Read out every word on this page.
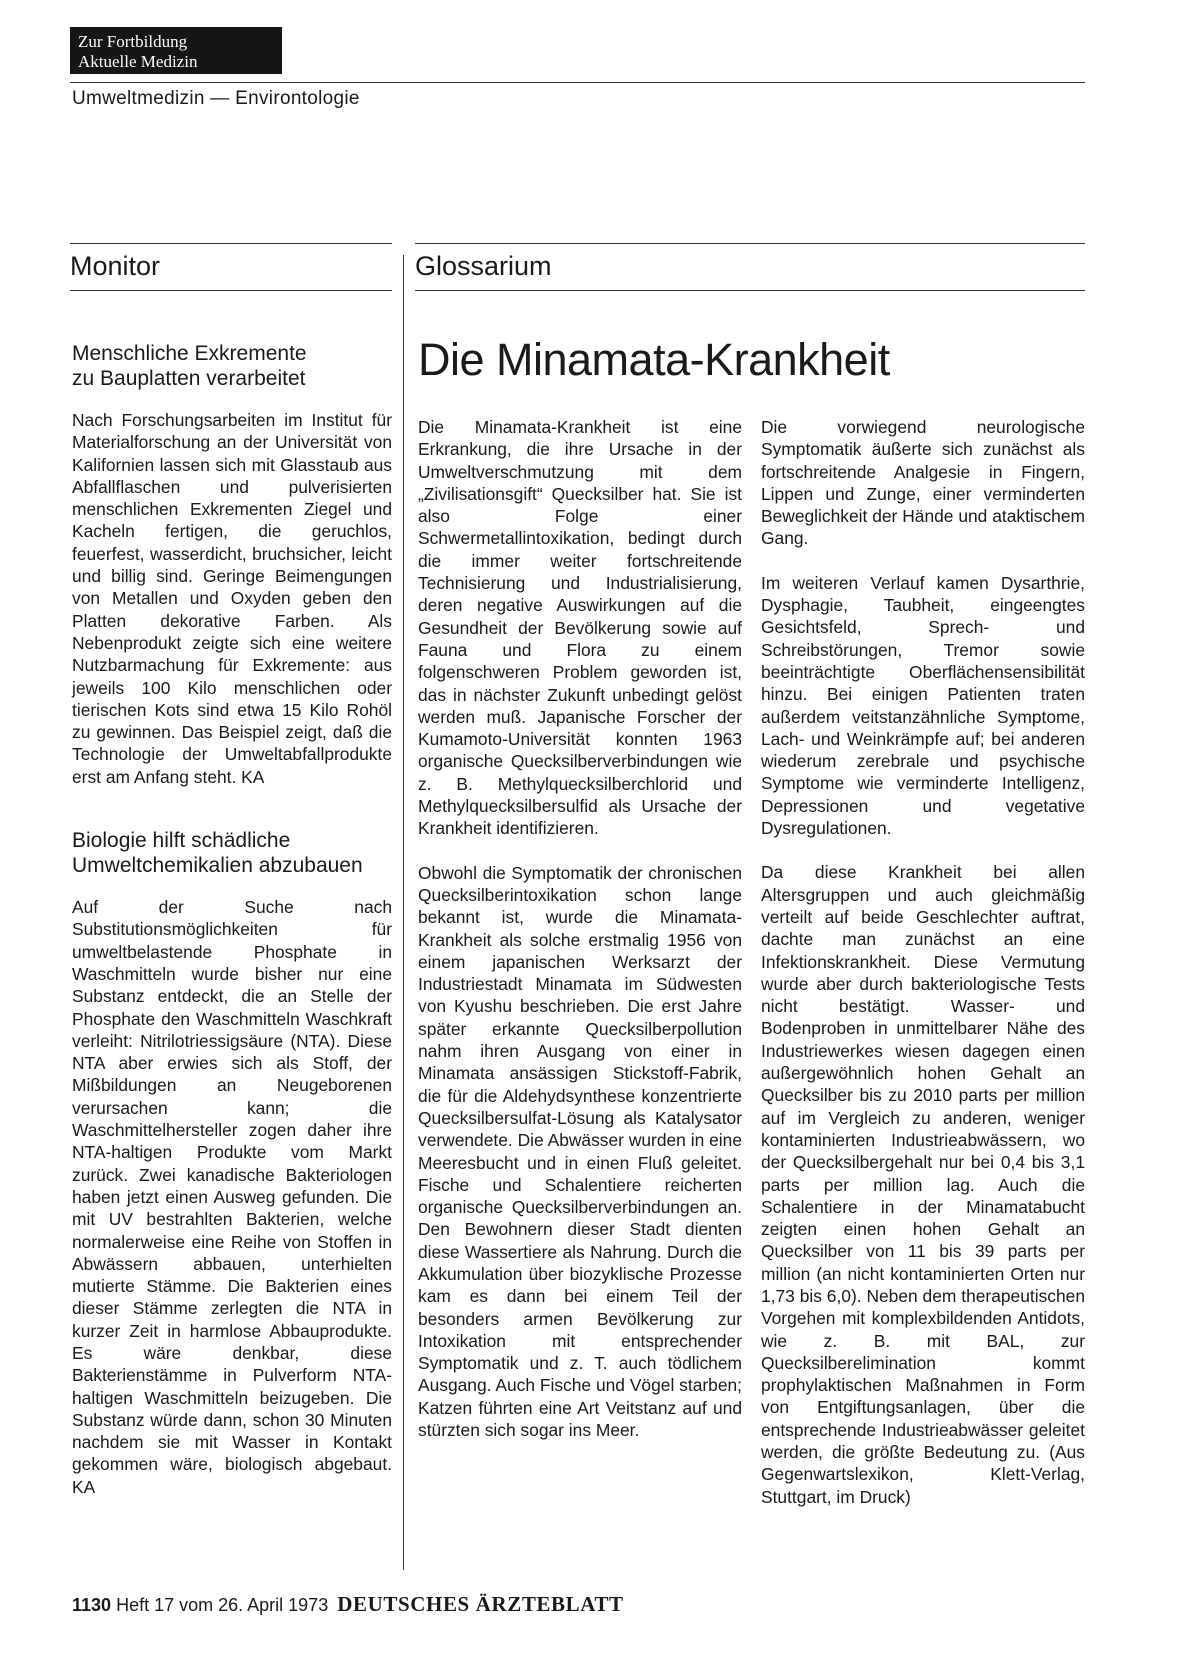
Zur Fortbildung
Aktuelle Medizin
Umweltmedizin — Environtologie
Monitor	Glossarium
Menschliche Exkremente
zu Bauplatten verarbeitet

Nach Forschungsarbeiten im Institut für Materialforschung an der Universität von Kalifornien lassen sich mit Glasstaub aus Abfallflaschen und pulverisierten menschlichen Exkrementen Ziegel und Kacheln fertigen, die geruchlos, feuerfest, wasserdicht, bruchsicher, leicht und billig sind. Geringe Beimengungen von Metallen und Oxyden geben den Platten dekorative Farben. Als Nebenprodukt zeigte sich eine weitere Nutzbarmachung für Exkremente: aus jeweils 100 Kilo menschlichen oder tierischen Kots sind etwa 15 Kilo Rohöl zu gewinnen. Das Beispiel zeigt, daß die Technologie der Umweltabfallprodukte erst am Anfang steht. KA

Biologie hilft schädliche
Umweltchemikalien abzubauen

Auf der Suche nach Substitutionsmöglichkeiten für umweltbelastende Phosphate in Waschmitteln wurde bisher nur eine Substanz entdeckt, die an Stelle der Phosphate den Waschmitteln Waschkraft verleiht: Nitrilotriessigsäure (NTA). Diese NTA aber erwies sich als Stoff, der Mißbildungen an Neugeborenen verursachen kann; die Waschmittelhersteller zogen daher ihre NTA-haltigen Produkte vom Markt zurück. Zwei kanadische Bakteriologen haben jetzt einen Ausweg gefunden. Die mit UV bestrahlten Bakterien, welche normalerweise eine Reihe von Stoffen in Abwässern abbauen, unterhielten mutierte Stämme. Die Bakterien eines dieser Stämme zerlegten die NTA in kurzer Zeit in harmlose Abbauprodukte. Es wäre denkbar, diese Bakterienstämme in Pulverform NTA-haltigen Waschmitteln beizugeben. Die Substanz würde dann, schon 30 Minuten nachdem sie mit Wasser in Kontakt gekommen wäre, biologisch abgebaut. KA

Die Minamata-Krankheit

Die Minamata-Krankheit ist eine Erkrankung, die ihre Ursache in der Umweltverschmutzung mit dem „Zivilisationsgift“ Quecksilber hat. Sie ist also Folge einer Schwermetallintoxikation, bedingt durch die immer weiter fortschreitende Technisierung und Industrialisierung, deren negative Auswirkungen auf die Gesundheit der Bevölkerung sowie auf Fauna und Flora zu einem folgenschweren Problem geworden ist, das in nächster Zukunft unbedingt gelöst werden muß. Japanische Forscher der Kumamoto-Universität konnten 1963 organische Quecksilberverbindungen wie z. B. Methylquecksilberchlorid und Methylquecksilbersulfid als Ursache der Krankheit identifizieren.

Obwohl die Symptomatik der chronischen Quecksilberintoxikation schon lange bekannt ist, wurde die Minamata-Krankheit als solche erstmalig 1956 von einem japanischen Werksarzt der Industriestadt Minamata im Südwesten von Kyushu beschrieben. Die erst Jahre später erkannte Quecksilberpollution nahm ihren Ausgang von einer in Minamata ansässigen Stickstoff-Fabrik, die für die Aldehydsynthese konzentrierte Quecksilbersulfat-Lösung als Katalysator verwendete. Die Abwässer wurden in eine Meeresbucht und in einen Fluß geleitet. Fische und Schalentiere reicherten organische Quecksilberverbindungen an. Den Bewohnern dieser Stadt dienten diese Wassertiere als Nahrung. Durch die Akkumulation über biozyklische Prozesse kam es dann bei einem Teil der besonders armen Bevölkerung zur Intoxikation mit entsprechender Symptomatik und z. T. auch tödlichem Ausgang. Auch Fische und Vögel starben; Katzen führten eine Art Veitstanz auf und stürzten sich sogar ins Meer.

Die vorwiegend neurologische Symptomatik äußerte sich zunächst als fortschreitende Analgesie in Fingern, Lippen und Zunge, einer verminderten Beweglichkeit der Hände und ataktischem Gang.

Im weiteren Verlauf kamen Dysarthrie, Dysphagie, Taubheit, eingeengtes Gesichtsfeld, Sprech- und Schreibstörungen, Tremor sowie beeinträchtigte Oberflächensensibilität hinzu. Bei einigen Patienten traten außerdem veitstanzähnliche Symptome, Lach- und Weinkrämpfe auf; bei anderen wiederum zerebrale und psychische Symptome wie verminderte Intelligenz, Depressionen und vegetative Dysregulationen.

Da diese Krankheit bei allen Altersgruppen und auch gleichmäßig verteilt auf beide Geschlechter auftrat, dachte man zunächst an eine Infektionskrankheit. Diese Vermutung wurde aber durch bakteriologische Tests nicht bestätigt. Wasser- und Bodenproben in unmittelbarer Nähe des Industriewerkes wiesen dagegen einen außergewöhnlich hohen Gehalt an Quecksilber bis zu 2010 parts per million auf im Vergleich zu anderen, weniger kontaminierten Industrieabwässern, wo der Quecksilbergehalt nur bei 0,4 bis 3,1 parts per million lag. Auch die Schalentiere in der Minamatabucht zeigten einen hohen Gehalt an Quecksilber von 11 bis 39 parts per million (an nicht kontaminierten Orten nur 1,73 bis 6,0). Neben dem therapeutischen Vorgehen mit komplexbildenden Antidots, wie z. B. mit BAL, zur Quecksilberelimination kommt prophylaktischen Maßnahmen in Form von Entgiftungsanlagen, über die entsprechende Industrieabwässer geleitet werden, die größte Bedeutung zu. (Aus Gegenwartslexikon, Klett-Verlag, Stuttgart, im Druck)

1130 Heft 17 vom 26. April 1973 DEUTSCHES ÄRZTEBLATT
